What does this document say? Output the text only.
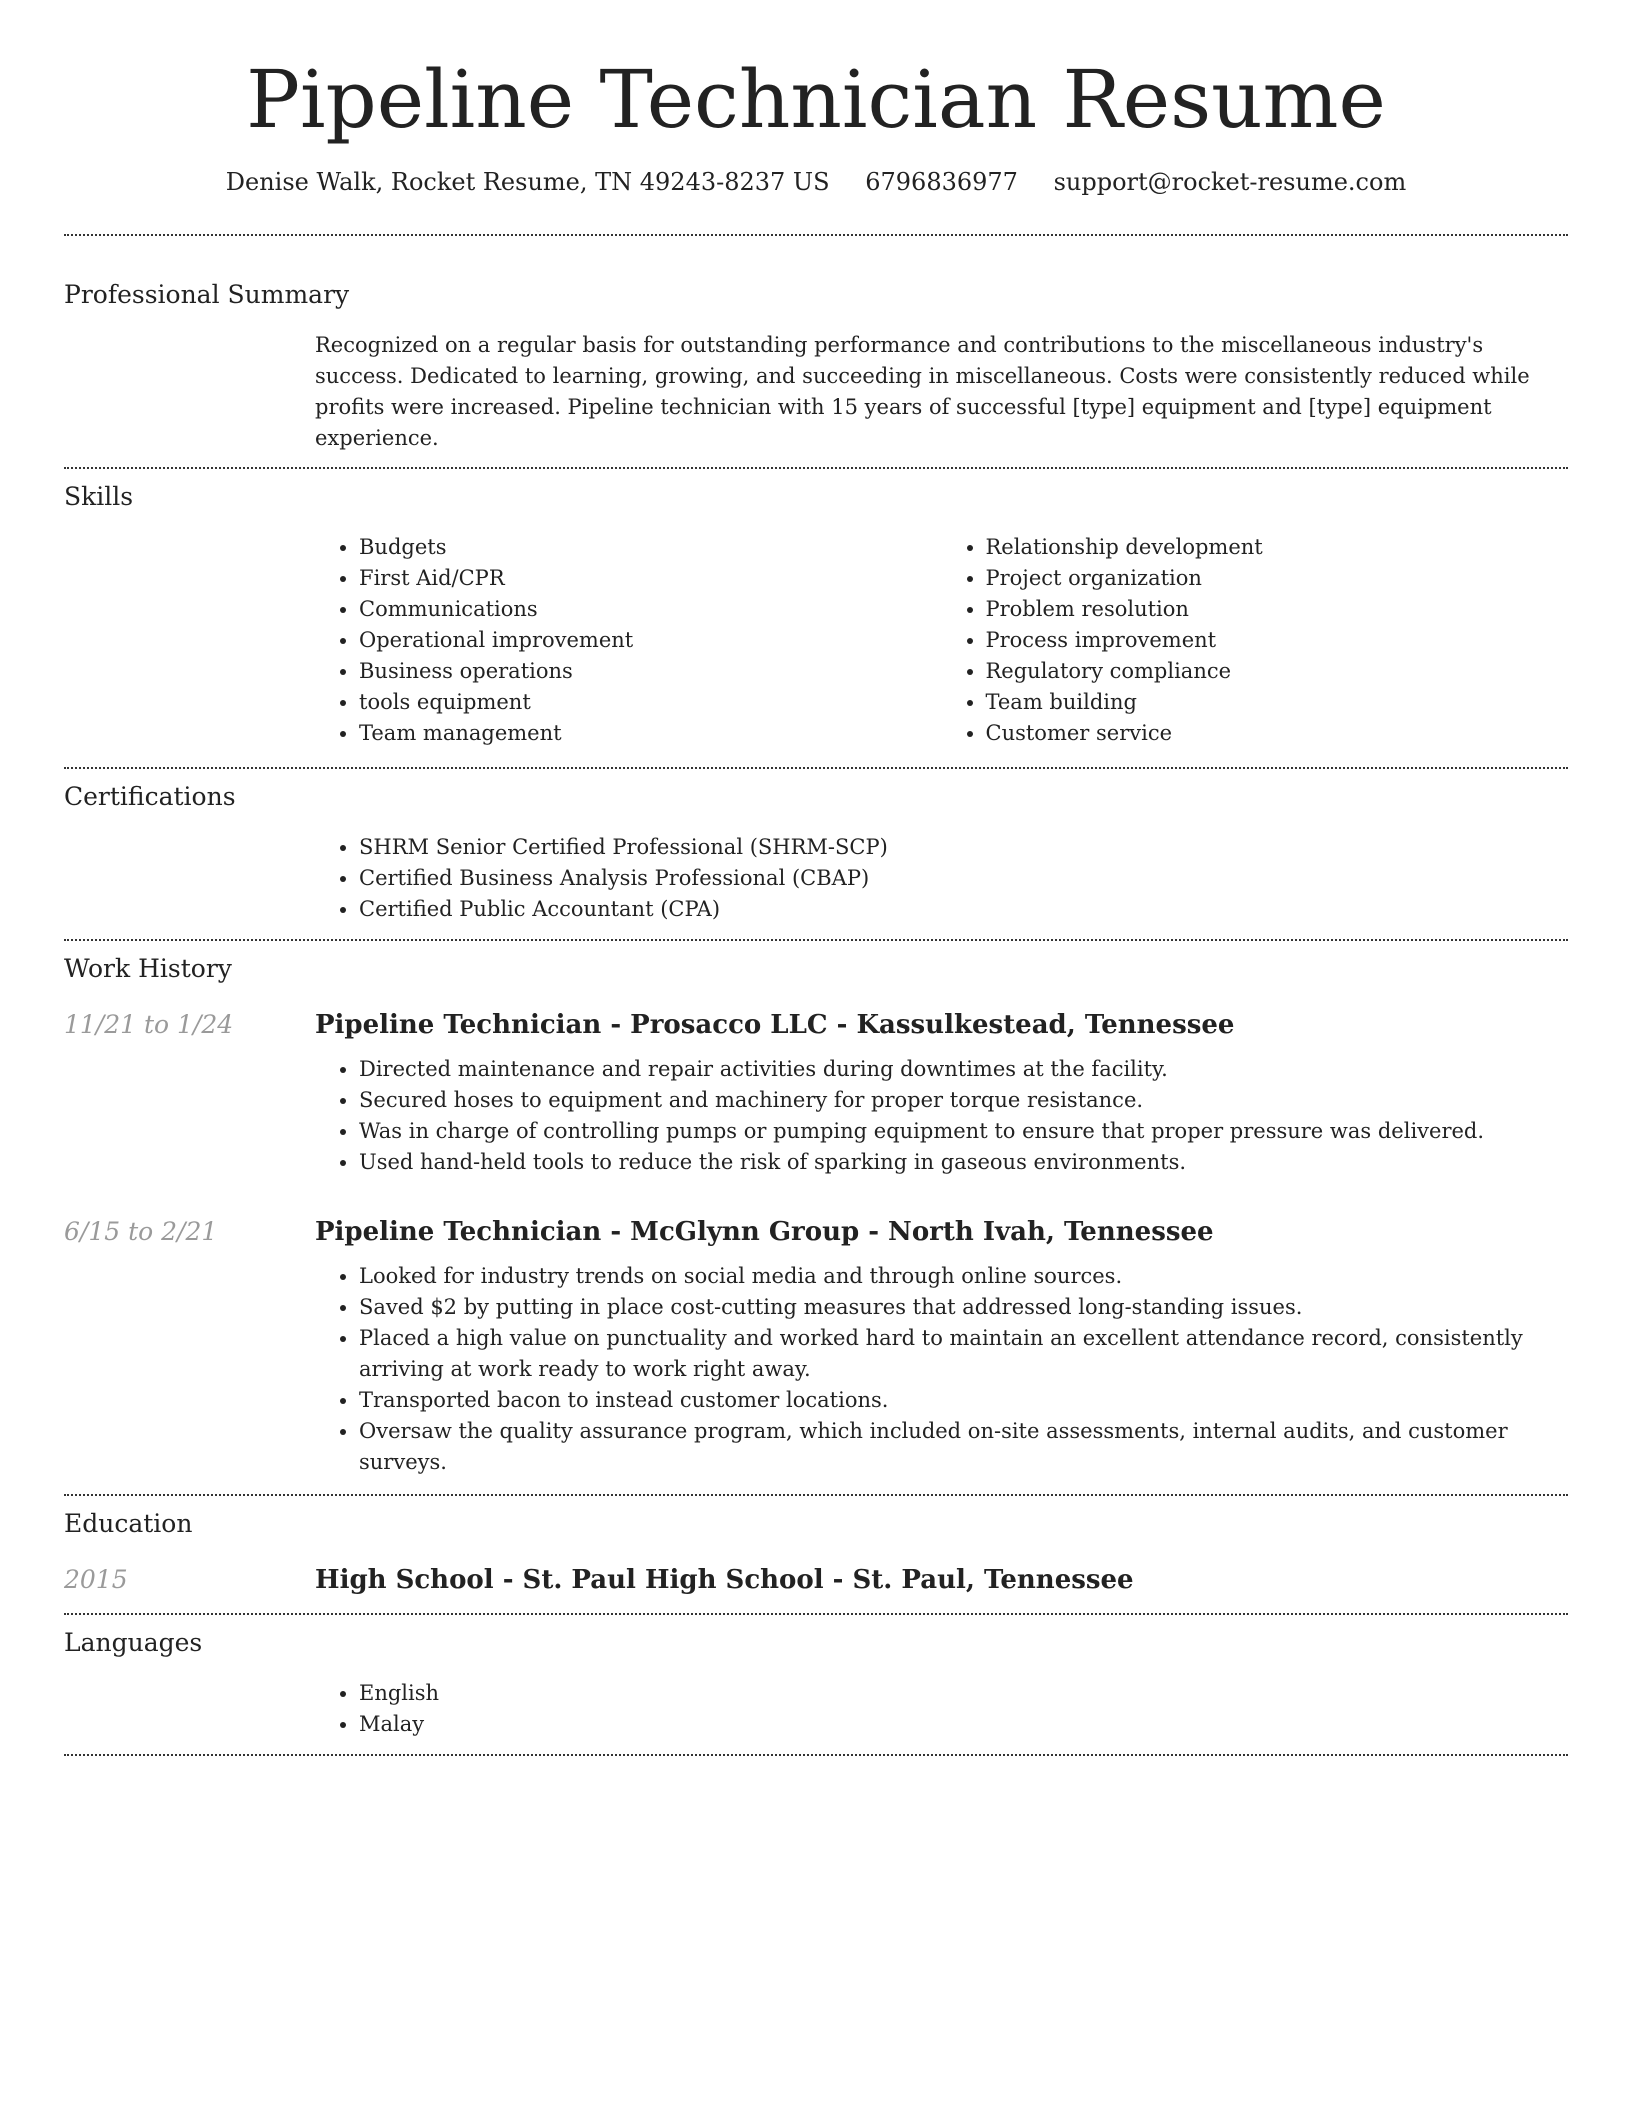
Pipeline Technician Resume
Denise Walk, Rocket Resume, TN 49243-8237 US 6796836977 support@rocket-resume.com
Professional Summary

Recognized on a regular basis for outstanding performance and contributions to the miscellaneous industry's success. Dedicated to learning, growing, and succeeding in miscellaneous. Costs were consistently reduced while profits were increased. Pipeline technician with 15 years of successful [type] equipment and [type] equipment experience.

Skills
• Budgets
• First Aid/CPR
• Communications
• Operational improvement
• Business operations
• tools equipment
• Team management
• Relationship development
• Project organization
• Problem resolution
• Process improvement
• Regulatory compliance
• Team building
• Customer service
Certifications
• SHRM Senior Certified Professional (SHRM-SCP)
• Certified Business Analysis Professional (CBAP)
• Certified Public Accountant (CPA)
Work History
11/21 to 1/24	Pipeline Technician - Prosacco LLC - Kassulkestead, Tennessee
• Directed maintenance and repair activities during downtimes at the facility.
• Secured hoses to equipment and machinery for proper torque resistance.
• Was in charge of controlling pumps or pumping equipment to ensure that proper pressure was delivered.
• Used hand-held tools to reduce the risk of sparking in gaseous environments.
6/15 to 2/21	Pipeline Technician - McGlynn Group - North Ivah, Tennessee
• Looked for industry trends on social media and through online sources.
• Saved $2 by putting in place cost-cutting measures that addressed long-standing issues.
• Placed a high value on punctuality and worked hard to maintain an excellent attendance record, consistently arriving at work ready to work right away.
• Transported bacon to instead customer locations.
• Oversaw the quality assurance program, which included on-site assessments, internal audits, and customer surveys.
Education
2015	High School - St. Paul High School - St. Paul, Tennessee
Languages
• English
• Malay
